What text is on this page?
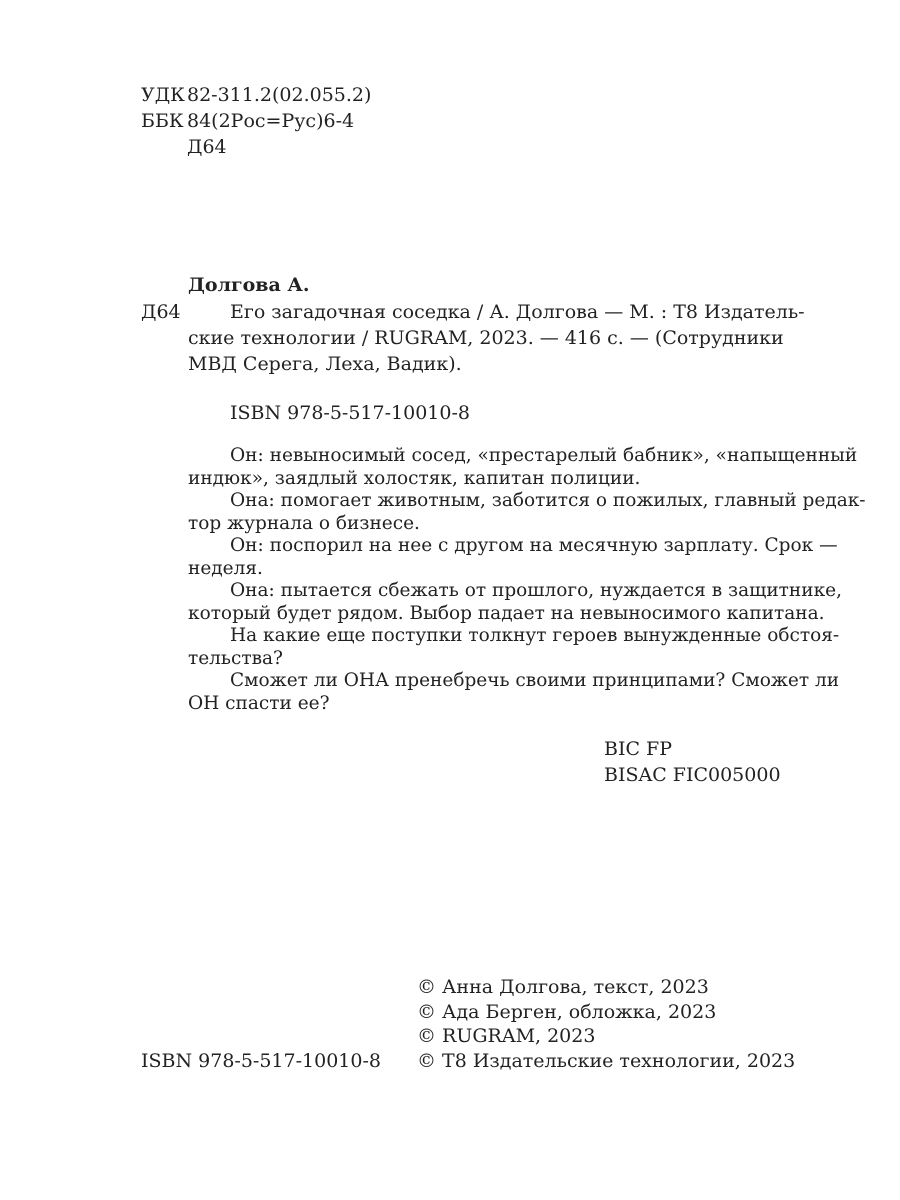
УДК 82-311.2(02.055.2)
ББК 84(2Рос=Рус)6-4
Д64
Долгова А.
Д64	Его загадочная соседка / А. Долгова — М. : Т8 Издатель-
ские технологии / RUGRAM, 2023. — 416 с. — (Сотрудники
МВД Серега, Леха, Вадик).
ISBN 978-5-517-10010-8
Он: невыносимый сосед, «престарелый бабник», «напыщенный
индюк», заядлый холостяк, капитан полиции.
Она: помогает животным, заботится о пожилых, главный редак-
тор журнала о бизнесе.
Он: поспорил на нее с другом на месячную зарплату. Срок —
неделя.
Она: пытается сбежать от прошлого, нуждается в защитнике,
который будет рядом. Выбор падает на невыносимого капитана.
На какие еще поступки толкнут героев вынужденные обстоя-
тельства?
Сможет ли ОНА пренебречь своими принципами? Сможет ли
ОН спасти ее?
BIC FP
BISAC FIC005000
© Анна Долгова, текст, 2023
© Ада Берген, обложка, 2023
© RUGRAM, 2023
© Т8 Издательские технологии, 2023
ISBN 978-5-517-10010-8
